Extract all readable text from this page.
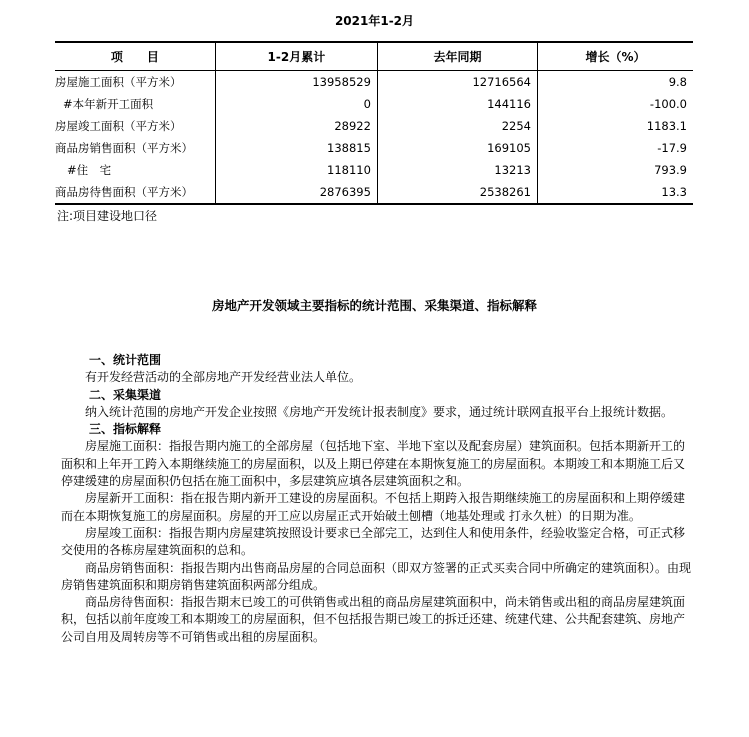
2021年1-2月
项　　目	1-2月累计	去年同期	增长（%）
房屋施工面积（平方米）	13958529	12716564	9.8
#本年新开工面积	0	144116	-100.0
房屋竣工面积（平方米）	28922	2254	1183.1
商品房销售面积（平方米）	138815	169105	-17.9
#住　宅	118110	13213	793.9
商品房待售面积（平方米）	2876395	2538261	13.3
注:项目建设地口径
房地产开发领域主要指标的统计范围、采集渠道、指标解释

一、统计范围

有开发经营活动的全部房地产开发经营业法人单位。

二、采集渠道

纳入统计范围的房地产开发企业按照《房地产开发统计报表制度》要求，通过统计联网直报平台上报统计数据。

三、指标解释

房屋施工面积：指报告期内施工的全部房屋（包括地下室、半地下室以及配套房屋）建筑面积。包括本期新开工的面积和上年开工跨入本期继续施工的房屋面积，以及上期已停建在本期恢复施工的房屋面积。本期竣工和本期施工后又停建缓建的房屋面积仍包括在施工面积中，多层建筑应填各层建筑面积之和。

房屋新开工面积：指在报告期内新开工建设的房屋面积。不包括上期跨入报告期继续施工的房屋面积和上期停缓建而在本期恢复施工的房屋面积。房屋的开工应以房屋正式开始破土刨槽（地基处理或 打永久桩）的日期为准。

房屋竣工面积：指报告期内房屋建筑按照设计要求已全部完工，达到住人和使用条件，经验收鉴定合格，可正式移交使用的各栋房屋建筑面积的总和。

商品房销售面积：指报告期内出售商品房屋的合同总面积（即双方签署的正式买卖合同中所确定的建筑面积）。由现房销售建筑面积和期房销售建筑面积两部分组成。

商品房待售面积：指报告期末已竣工的可供销售或出租的商品房屋建筑面积中，尚未销售或出租的商品房屋建筑面积，包括以前年度竣工和本期竣工的房屋面积，但不包括报告期已竣工的拆迁还建、统建代建、公共配套建筑、房地产公司自用及周转房等不可销售或出租的房屋面积。
